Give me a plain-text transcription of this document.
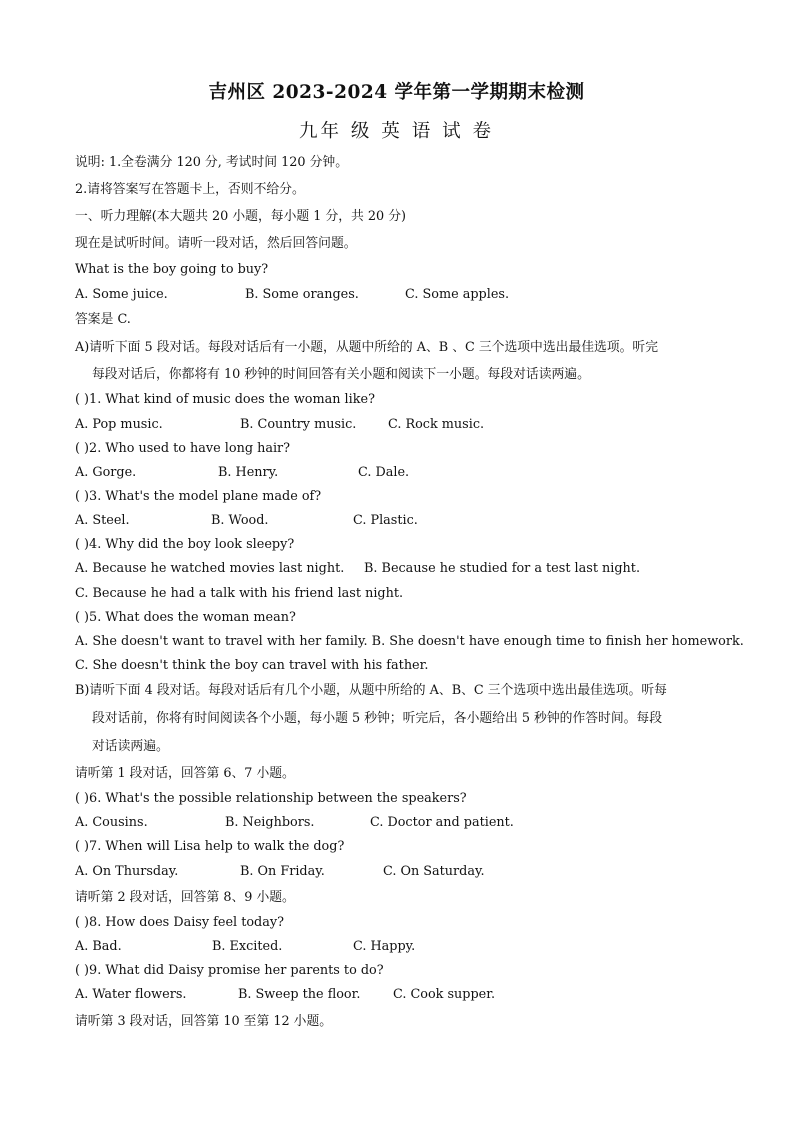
吉州区 2023-2024 学年第一学期期末检测
九年 级 英 语 试 卷
说明: 1.全卷满分 120 分, 考试时间 120 分钟。
2.请将答案写在答题卡上，否则不给分。
一、听力理解(本大题共 20 小题，每小题 1 分，共 20 分)
现在是试听时间。请听一段对话，然后回答问题。
What is the boy going to buy?
A. Some juice.	B. Some oranges.	C. Some apples.
答案是 C.
A)请听下面 5 段对话。每段对话后有一小题，从题中所给的 A、B 、C 三个选项中选出最佳选项。听完
每段对话后，你都将有 10 秒钟的时间回答有关小题和阅读下一小题。每段对话读两遍。
( )1. What kind of music does the woman like?
A. Pop music.	B. Country music. C. Rock music.
( )2. Who used to have long hair?
A. Gorge.	B. Henry.	C. Dale.
( )3. What's the model plane made of?
A. Steel.	B. Wood.	C. Plastic.
( )4. Why did the boy look sleepy?
A. Because he watched movies last night. B. Because he studied for a test last night.
C. Because he had a talk with his friend last night.
( )5. What does the woman mean?
A. She doesn't want to travel with her family. B. She doesn't have enough time to finish her homework.
C. She doesn't think the boy can travel with his father.
B)请听下面 4 段对话。每段对话后有几个小题，从题中所给的 A、B、C 三个选项中选出最佳选项。听每
段对话前，你将有时间阅读各个小题，每小题 5 秒钟；听完后，各小题给出 5 秒钟的作答时间。每段
对话读两遍。
请听第 1 段对话，回答第 6、7 小题。
( )6. What's the possible relationship between the speakers?
A. Cousins.	B. Neighbors.	C. Doctor and patient.
( )7. When will Lisa help to walk the dog?
A. On Thursday.	B. On Friday.	C. On Saturday.
请听第 2 段对话，回答第 8、9 小题。
( )8. How does Daisy feel today?
A. Bad.	B. Excited.	C. Happy.
( )9. What did Daisy promise her parents to do?
A. Water flowers.	B. Sweep the floor.	C. Cook supper.
请听第 3 段对话，回答第 10 至第 12 小题。
